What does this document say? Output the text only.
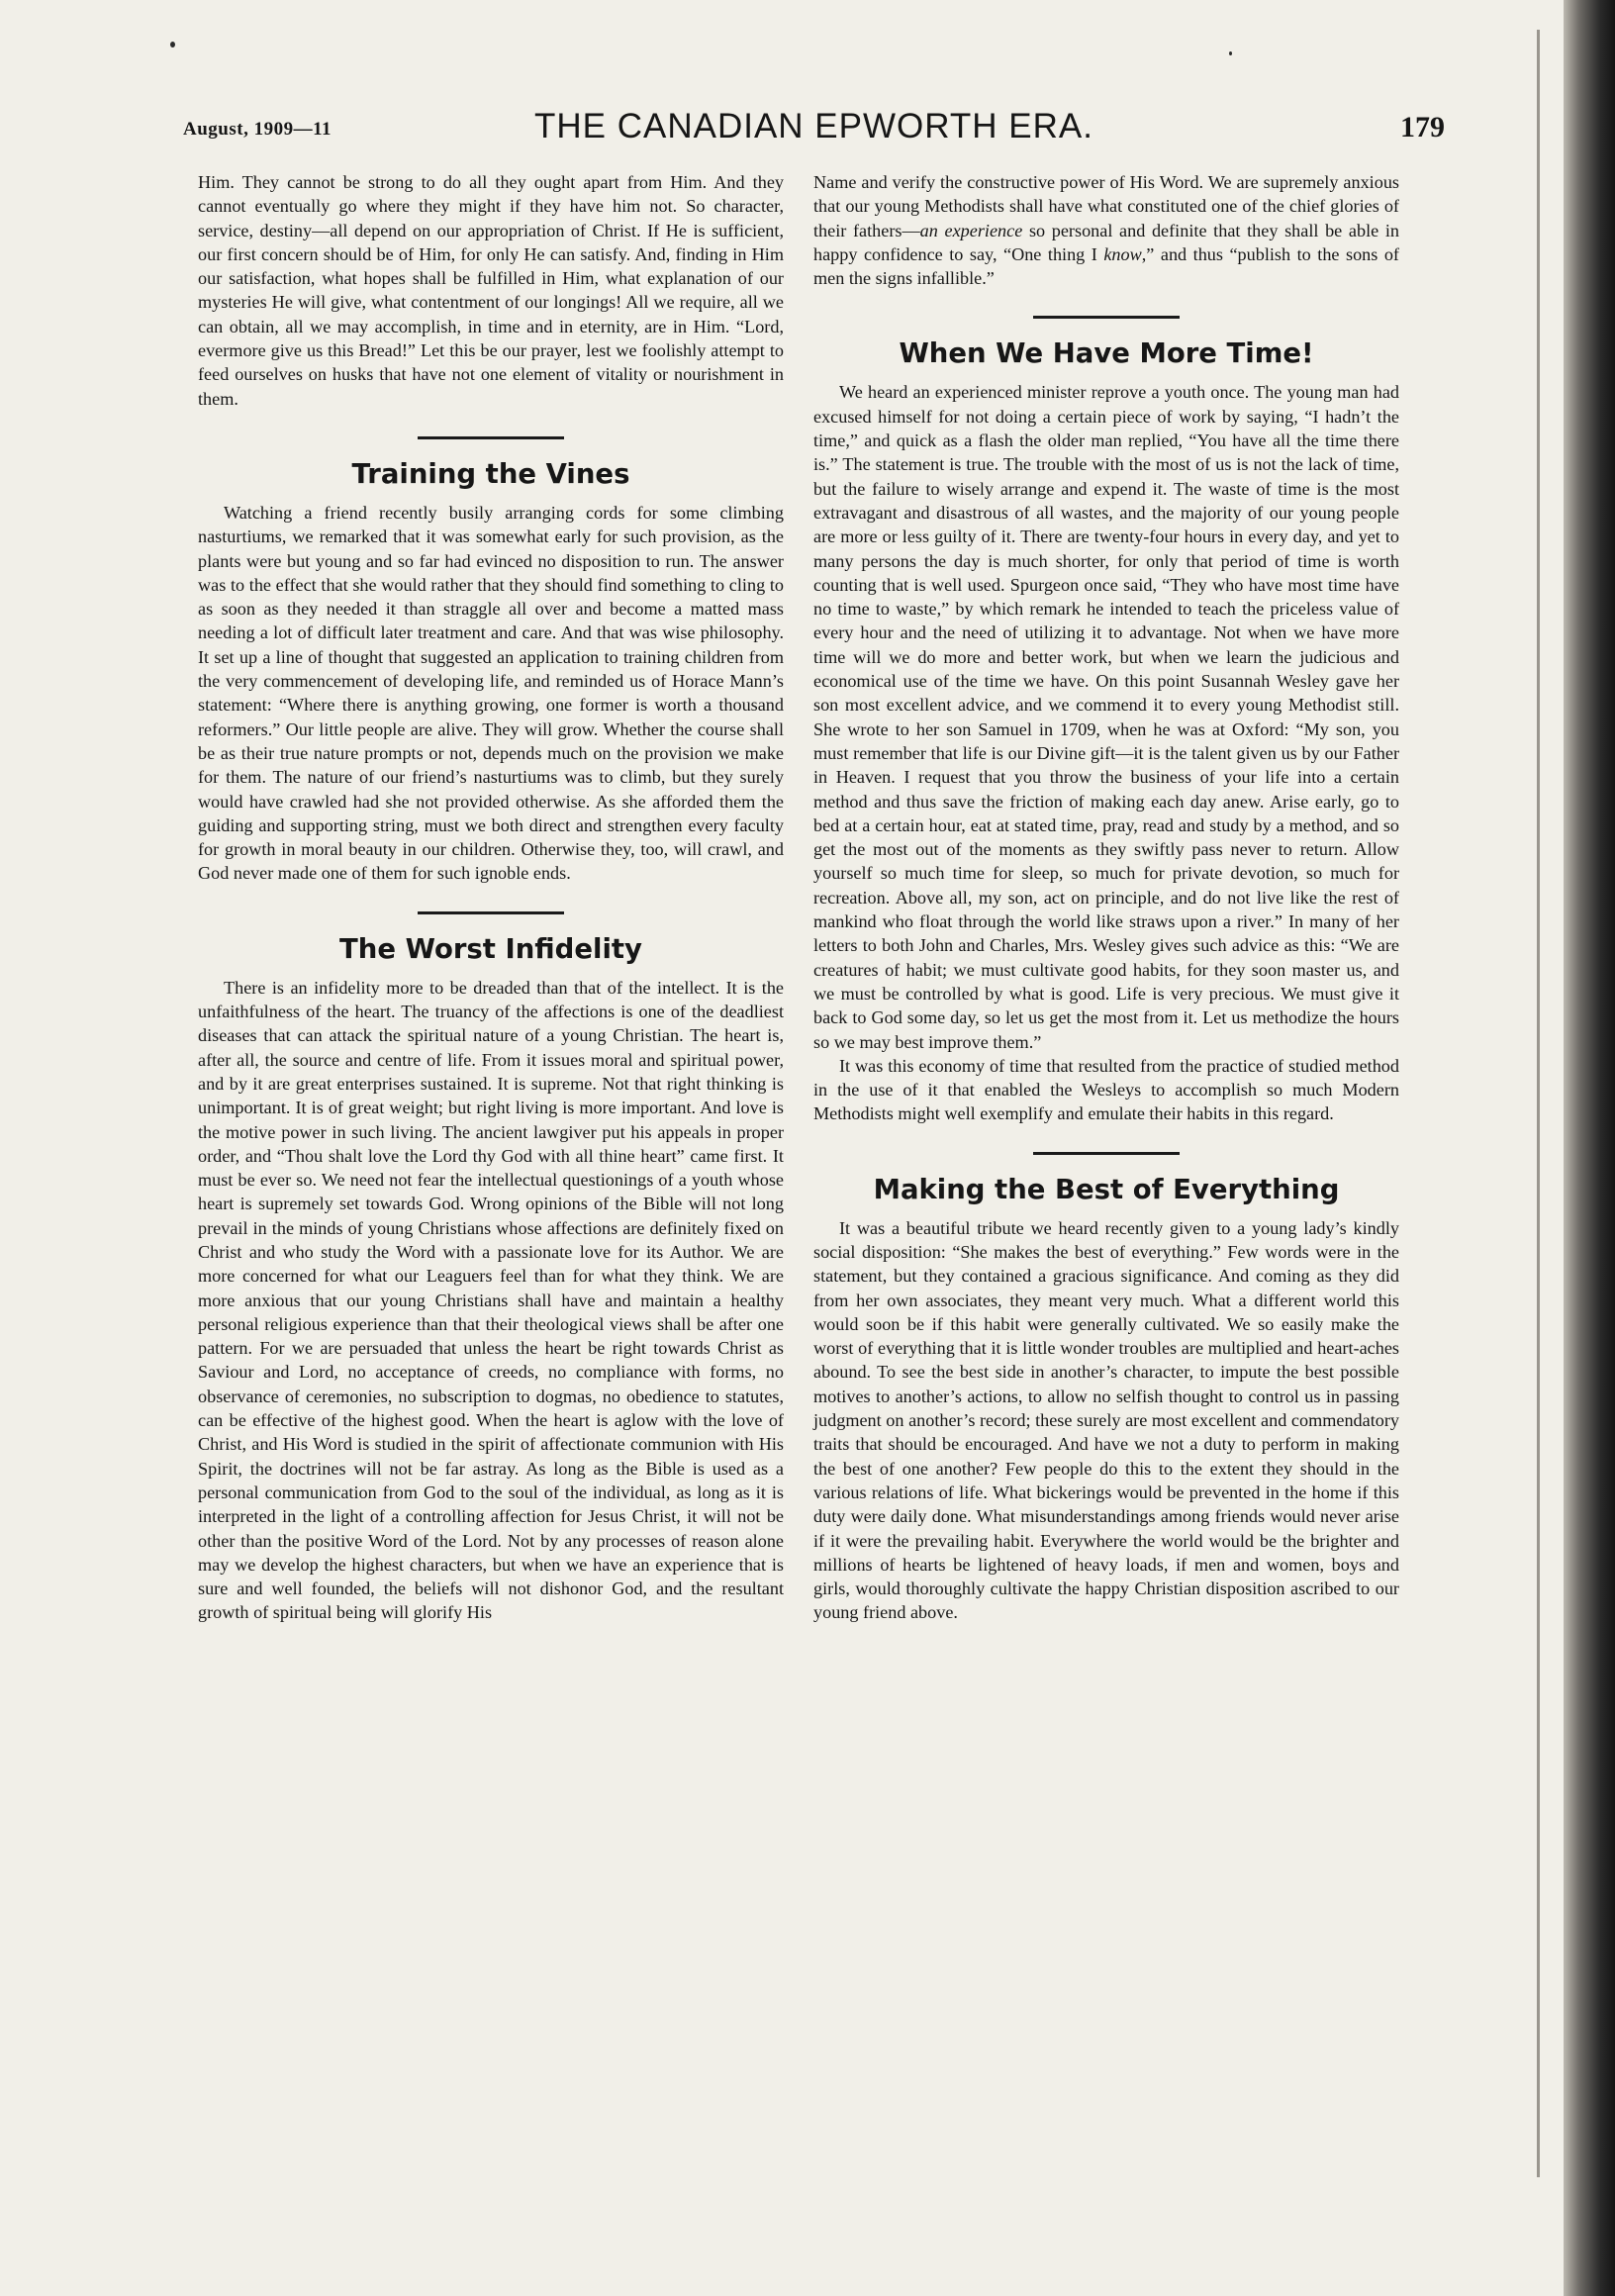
August, 1909—11	THE CANADIAN EPWORTH ERA.	179

Him. They cannot be strong to do all they ought apart from Him. And they cannot eventually go where they might if they have him not. So character, service, destiny—all depend on our appropriation of Christ. If He is sufficient, our first concern should be of Him, for only He can satisfy. And, finding in Him our satisfaction, what hopes shall be fulfilled in Him, what explanation of our mysteries He will give, what contentment of our longings! All we require, all we can obtain, all we may accomplish, in time and in eternity, are in Him. “Lord, evermore give us this Bread!” Let this be our prayer, lest we foolishly attempt to feed ourselves on husks that have not one element of vitality or nourishment in them.

Training the Vines

Watching a friend recently busily arranging cords for some climbing nasturtiums, we remarked that it was somewhat early for such provision, as the plants were but young and so far had evinced no disposition to run. The answer was to the effect that she would rather that they should find something to cling to as soon as they needed it than straggle all over and become a matted mass needing a lot of difficult later treatment and care. And that was wise philosophy. It set up a line of thought that suggested an application to training children from the very commencement of developing life, and reminded us of Horace Mann’s statement: “Where there is anything growing, one former is worth a thousand reformers.” Our little people are alive. They will grow. Whether the course shall be as their true nature prompts or not, depends much on the provision we make for them. The nature of our friend’s nasturtiums was to climb, but they surely would have crawled had she not provided otherwise. As she afforded them the guiding and supporting string, must we both direct and strengthen every faculty for growth in moral beauty in our children. Otherwise they, too, will crawl, and God never made one of them for such ignoble ends.

The Worst Infidelity

There is an infidelity more to be dreaded than that of the intellect. It is the unfaithfulness of the heart. The truancy of the affections is one of the deadliest diseases that can attack the spiritual nature of a young Christian. The heart is, after all, the source and centre of life. From it issues moral and spiritual power, and by it are great enterprises sustained. It is supreme. Not that right thinking is unimportant. It is of great weight; but right living is more important. And love is the motive power in such living. The ancient lawgiver put his appeals in proper order, and “Thou shalt love the Lord thy God with all thine heart” came first. It must be ever so. We need not fear the intellectual questionings of a youth whose heart is supremely set towards God. Wrong opinions of the Bible will not long prevail in the minds of young Christians whose affections are definitely fixed on Christ and who study the Word with a passionate love for its Author. We are more concerned for what our Leaguers feel than for what they think. We are more anxious that our young Christians shall have and maintain a healthy personal religious experience than that their theological views shall be after one pattern. For we are persuaded that unless the heart be right towards Christ as Saviour and Lord, no acceptance of creeds, no compliance with forms, no observance of ceremonies, no subscription to dogmas, no obedience to statutes, can be effective of the highest good. When the heart is aglow with the love of Christ, and His Word is studied in the spirit of affectionate communion with His Spirit, the doctrines will not be far astray. As long as the Bible is used as a personal communication from God to the soul of the individual, as long as it is interpreted in the light of a controlling affection for Jesus Christ, it will not be other than the positive Word of the Lord. Not by any processes of reason alone may we develop the highest characters, but when we have an experience that is sure and well founded, the beliefs will not dishonor God, and the resultant growth of spiritual being will glorify His

Name and verify the constructive power of His Word. We are supremely anxious that our young Methodists shall have what constituted one of the chief glories of their fathers—an experience so personal and definite that they shall be able in happy confidence to say, “One thing I know,” and thus “publish to the sons of men the signs infallible.”

When We Have More Time!

We heard an experienced minister reprove a youth once. The young man had excused himself for not doing a certain piece of work by saying, “I hadn’t the time,” and quick as a flash the older man replied, “You have all the time there is.” The statement is true. The trouble with the most of us is not the lack of time, but the failure to wisely arrange and expend it. The waste of time is the most extravagant and disastrous of all wastes, and the majority of our young people are more or less guilty of it. There are twenty-four hours in every day, and yet to many persons the day is much shorter, for only that period of time is worth counting that is well used. Spurgeon once said, “They who have most time have no time to waste,” by which remark he intended to teach the priceless value of every hour and the need of utilizing it to advantage. Not when we have more time will we do more and better work, but when we learn the judicious and economical use of the time we have. On this point Susannah Wesley gave her son most excellent advice, and we commend it to every young Methodist still. She wrote to her son Samuel in 1709, when he was at Oxford: “My son, you must remember that life is our Divine gift—it is the talent given us by our Father in Heaven. I request that you throw the business of your life into a certain method and thus save the friction of making each day anew. Arise early, go to bed at a certain hour, eat at stated time, pray, read and study by a method, and so get the most out of the moments as they swiftly pass never to return. Allow yourself so much time for sleep, so much for private devotion, so much for recreation. Above all, my son, act on principle, and do not live like the rest of mankind who float through the world like straws upon a river.” In many of her letters to both John and Charles, Mrs. Wesley gives such advice as this: “We are creatures of habit; we must cultivate good habits, for they soon master us, and we must be controlled by what is good. Life is very precious. We must give it back to God some day, so let us get the most from it. Let us methodize the hours so we may best improve them.”

It was this economy of time that resulted from the practice of studied method in the use of it that enabled the Wesleys to accomplish so much Modern Methodists might well exemplify and emulate their habits in this regard.

Making the Best of Everything

It was a beautiful tribute we heard recently given to a young lady’s kindly social disposition: “She makes the best of everything.” Few words were in the statement, but they contained a gracious significance. And coming as they did from her own associates, they meant very much. What a different world this would soon be if this habit were generally cultivated. We so easily make the worst of everything that it is little wonder troubles are multiplied and heart-aches abound. To see the best side in another’s character, to impute the best possible motives to another’s actions, to allow no selfish thought to control us in passing judgment on another’s record; these surely are most excellent and commendatory traits that should be encouraged. And have we not a duty to perform in making the best of one another? Few people do this to the extent they should in the various relations of life. What bickerings would be prevented in the home if this duty were daily done. What misunderstandings among friends would never arise if it were the prevailing habit. Everywhere the world would be the brighter and millions of hearts be lightened of heavy loads, if men and women, boys and girls, would thoroughly cultivate the happy Christian disposition ascribed to our young friend above.
